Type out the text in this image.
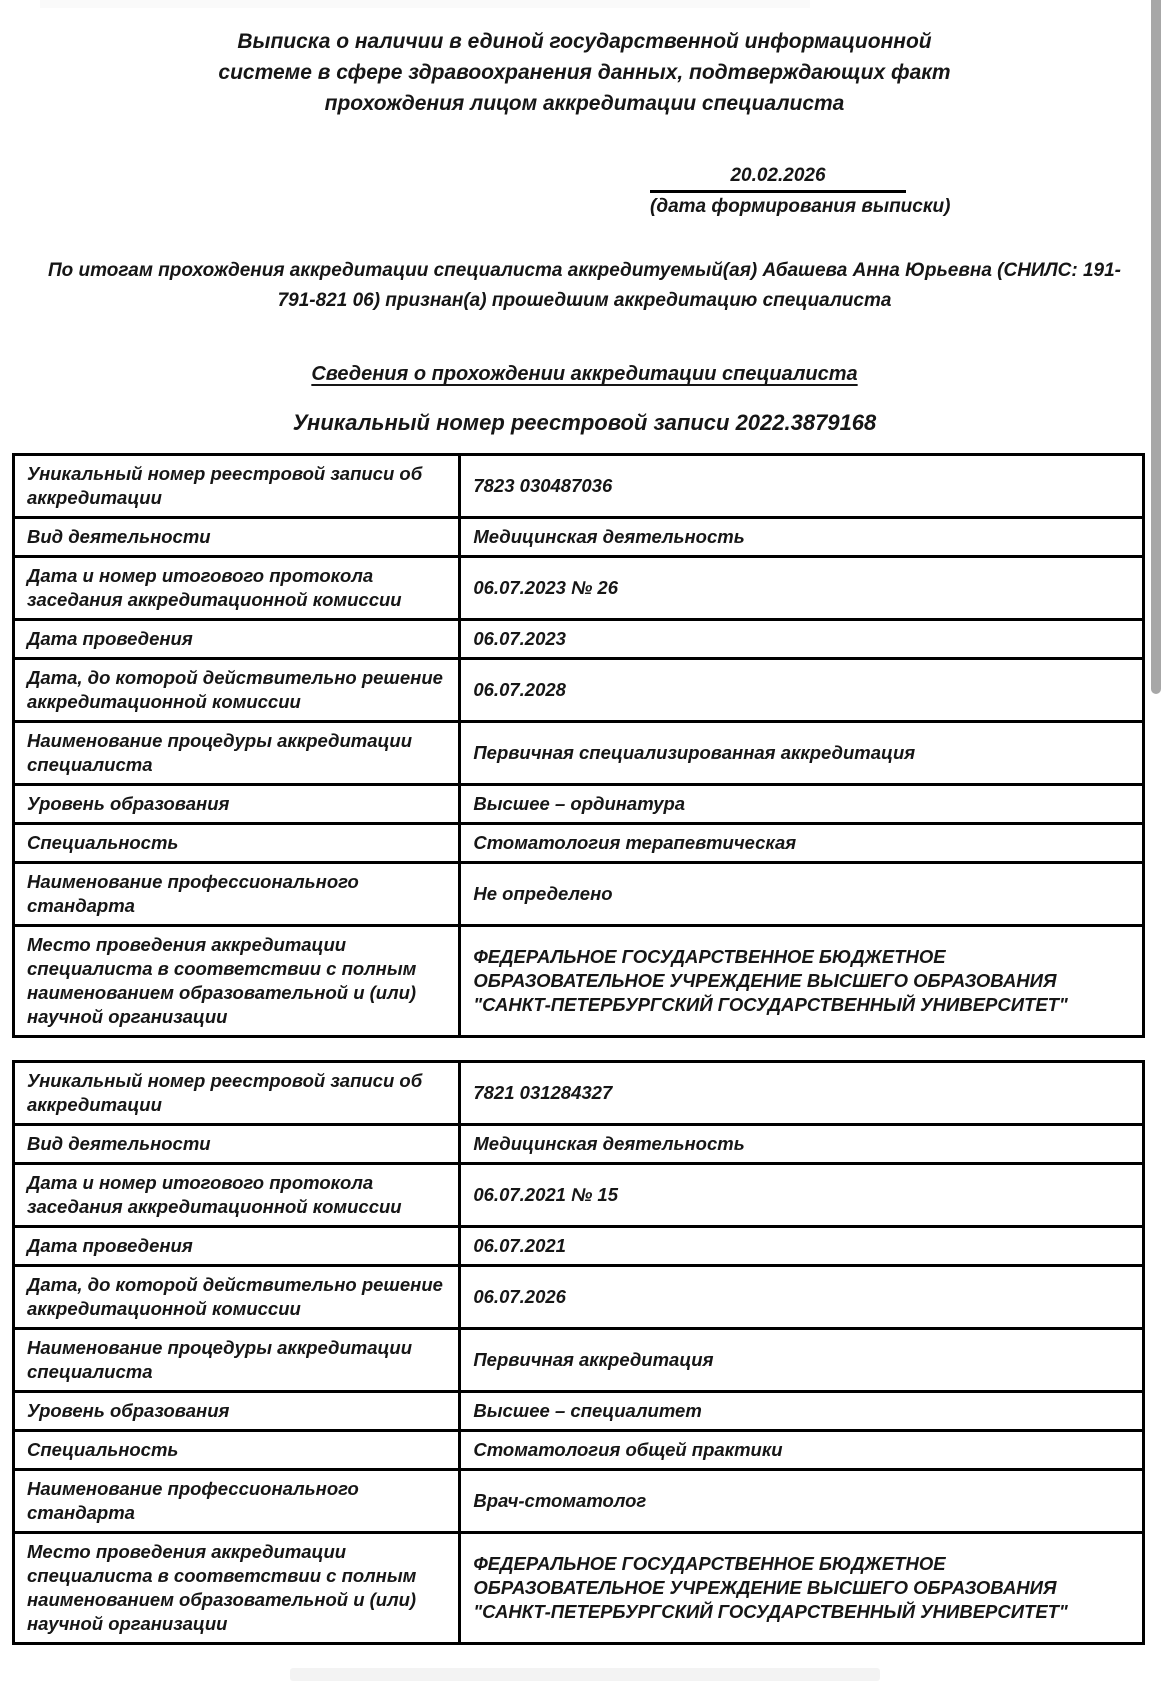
Выписка о наличии в единой государственной информационной системе в сфере здравоохранения данных, подтверждающих факт прохождения лицом аккредитации специалиста
20.02.2026
(дата формирования выписки)

По итогам прохождения аккредитации специалиста аккредитуемый(ая) Абашева Анна Юрьевна (СНИЛС: 191-791-821 06) признан(а) прошедшим аккредитацию специалиста

Сведения о прохождении аккредитации специалиста
Уникальный номер реестровой записи 2022.3879168
Уникальный номер реестровой записи об аккредитации	7823 030487036
Вид деятельности	Медицинская деятельность
Дата и номер итогового протокола заседания аккредитационной комиссии	06.07.2023 № 26
Дата проведения	06.07.2023
Дата, до которой действительно решение аккредитационной комиссии	06.07.2028
Наименование процедуры аккредитации специалиста	Первичная специализированная аккредитация
Уровень образования	Высшее – ординатура
Специальность	Стоматология терапевтическая
Наименование профессионального стандарта	Не определено
Место проведения аккредитации специалиста в соответствии с полным наименованием образовательной и (или) научной организации	ФЕДЕРАЛЬНОЕ ГОСУДАРСТВЕННОЕ БЮДЖЕТНОЕ ОБРАЗОВАТЕЛЬНОЕ УЧРЕЖДЕНИЕ ВЫСШЕГО ОБРАЗОВАНИЯ "САНКТ-ПЕТЕРБУРГСКИЙ ГОСУДАРСТВЕННЫЙ УНИВЕРСИТЕТ"
Уникальный номер реестровой записи об аккредитации	7821 031284327
Вид деятельности	Медицинская деятельность
Дата и номер итогового протокола заседания аккредитационной комиссии	06.07.2021 № 15
Дата проведения	06.07.2021
Дата, до которой действительно решение аккредитационной комиссии	06.07.2026
Наименование процедуры аккредитации специалиста	Первичная аккредитация
Уровень образования	Высшее – специалитет
Специальность	Стоматология общей практики
Наименование профессионального стандарта	Врач-стоматолог
Место проведения аккредитации специалиста в соответствии с полным наименованием образовательной и (или) научной организации	ФЕДЕРАЛЬНОЕ ГОСУДАРСТВЕННОЕ БЮДЖЕТНОЕ ОБРАЗОВАТЕЛЬНОЕ УЧРЕЖДЕНИЕ ВЫСШЕГО ОБРАЗОВАНИЯ "САНКТ-ПЕТЕРБУРГСКИЙ ГОСУДАРСТВЕННЫЙ УНИВЕРСИТЕТ"
